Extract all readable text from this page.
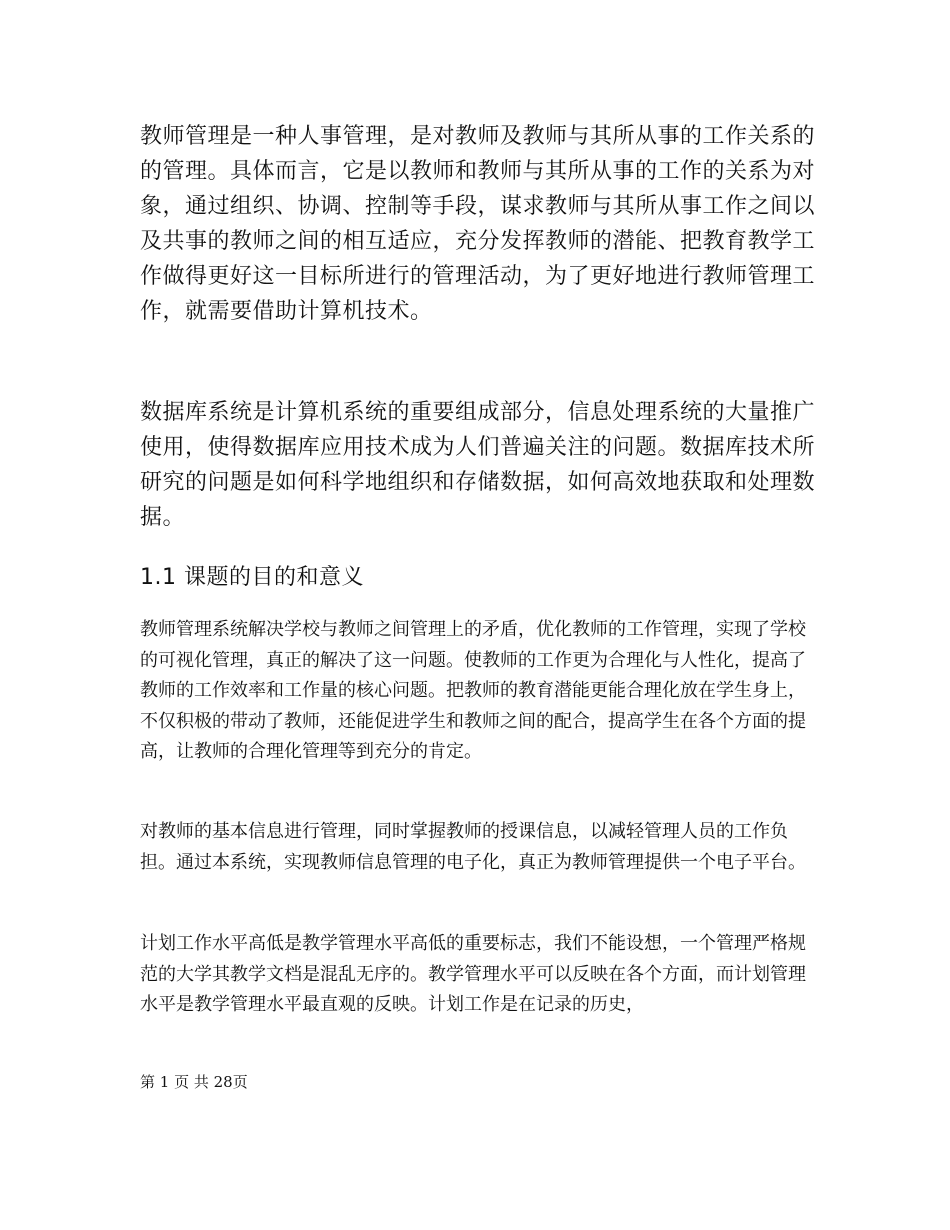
教师管理是一种人事管理，是对教师及教师与其所从事的工作关系的的管理。具体而言，它是以教师和教师与其所从事的工作的关系为对象，通过组织、协调、控制等手段，谋求教师与其所从事工作之间以及共事的教师之间的相互适应，充分发挥教师的潜能、把教育教学工作做得更好这一目标所进行的管理活动，为了更好地进行教师管理工作，就需要借助计算机技术。

数据库系统是计算机系统的重要组成部分，信息处理系统的大量推广使用，使得数据库应用技术成为人们普遍关注的问题。数据库技术所研究的问题是如何科学地组织和存储数据，如何高效地获取和处理数据。

1.1 课题的目的和意义

教师管理系统解决学校与教师之间管理上的矛盾，优化教师的工作管理，实现了学校的可视化管理，真正的解决了这一问题。使教师的工作更为合理化与人性化，提高了教师的工作效率和工作量的核心问题。把教师的教育潜能更能合理化放在学生身上，不仅积极的带动了教师，还能促进学生和教师之间的配合，提高学生在各个方面的提高，让教师的合理化管理等到充分的肯定。

对教师的基本信息进行管理，同时掌握教师的授课信息，以减轻管理人员的工作负担。通过本系统，实现教师信息管理的电子化，真正为教师管理提供一个电子平台。

计划工作水平高低是教学管理水平高低的重要标志，我们不能设想，一个管理严格规范的大学其教学文档是混乱无序的。教学管理水平可以反映在各个方面，而计划管理水平是教学管理水平最直观的反映。计划工作是在记录的历史，

第 1 页 共 28页
